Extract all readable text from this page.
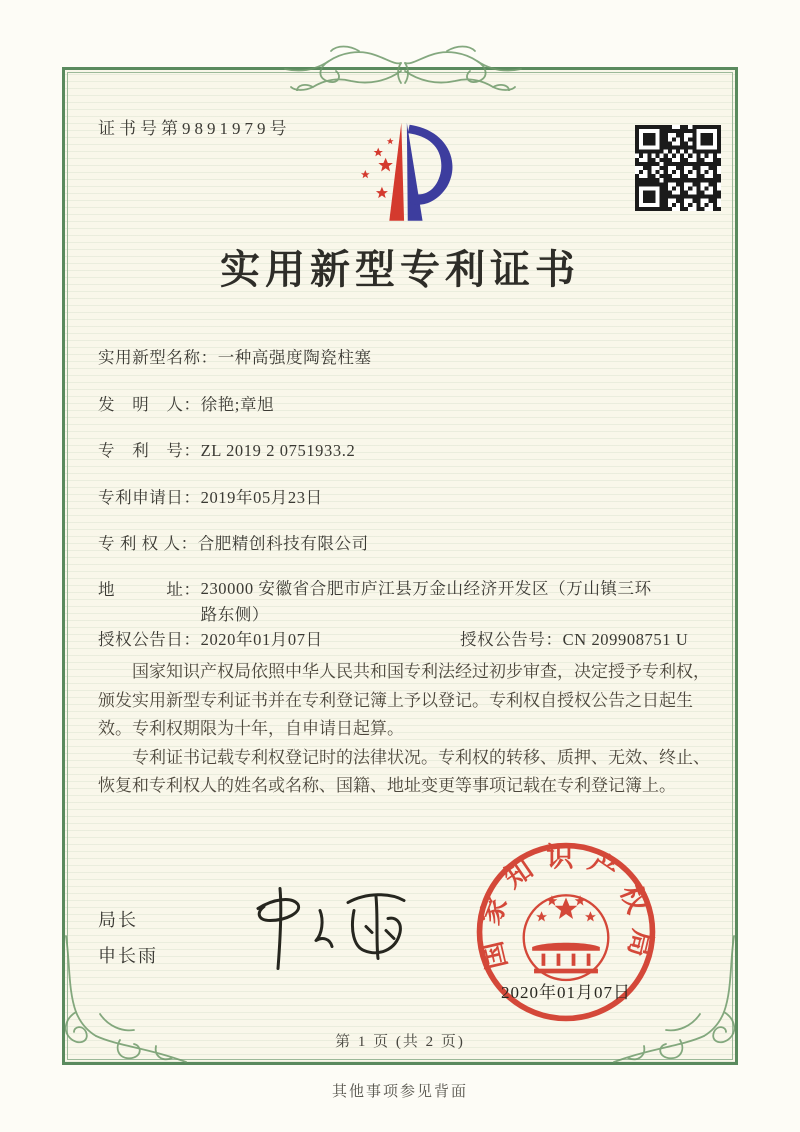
证书号第9891979号
实用新型专利证书
实用新型名称：一种高强度陶瓷柱塞
发　明　人：徐艳;章旭
专　利　号：ZL 2019 2 0751933.2
专利申请日：2019年05月23日
专 利 权 人：合肥精创科技有限公司
地　　　址：230000 安徽省合肥市庐江县万金山经济开发区（万山镇三环路东侧）
授权公告日：2020年01月07日	授权公告号：CN 209908751 U

国家知识产权局依照中华人民共和国专利法经过初步审查，决定授予专利权，颁发实用新型专利证书并在专利登记簿上予以登记。专利权自授权公告之日起生效。专利权期限为十年，自申请日起算。

专利证书记载专利权登记时的法律状况。专利权的转移、质押、无效、终止、恢复和专利权人的姓名或名称、国籍、地址变更等事项记载在专利登记簿上。

局长
申长雨	国家知识产权局
2020年01月07日
第 1 页 (共 2 页)
其他事项参见背面
